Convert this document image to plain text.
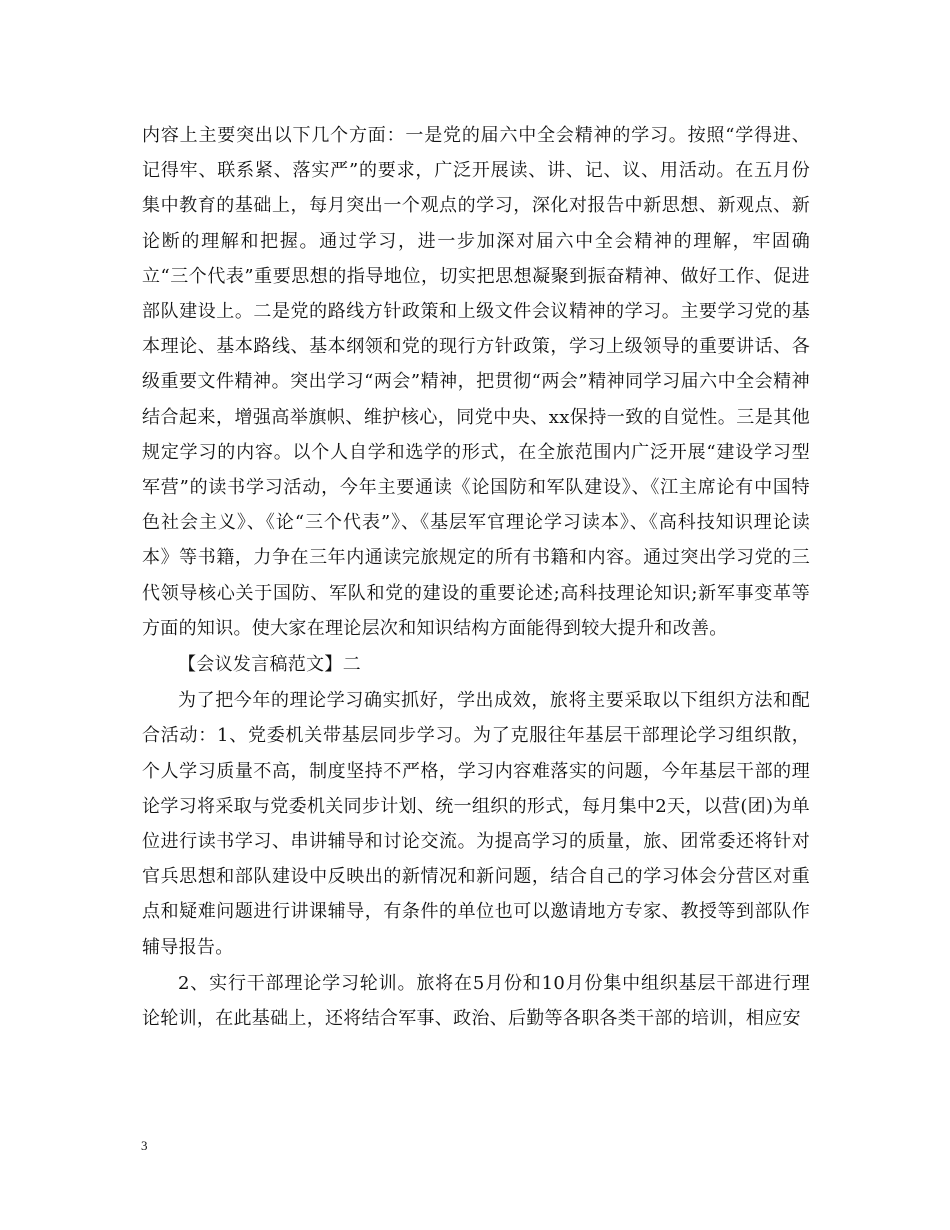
内容上主要突出以下几个方面：一是党的届六中全会精神的学习。按照“学得进、记得牢、联系紧、落实严”的要求，广泛开展读、讲、记、议、用活动。在五月份集中教育的基础上，每月突出一个观点的学习，深化对报告中新思想、新观点、新论断的理解和把握。通过学习，进一步加深对届六中全会精神的理解，牢固确立“三个代表”重要思想的指导地位，切实把思想凝聚到振奋精神、做好工作、促进部队建设上。二是党的路线方针政策和上级文件会议精神的学习。主要学习党的基本理论、基本路线、基本纲领和党的现行方针政策，学习上级领导的重要讲话、各级重要文件精神。突出学习“两会”精神，把贯彻“两会”精神同学习届六中全会精神结合起来，增强高举旗帜、维护核心，同党中央、xx保持一致的自觉性。三是其他规定学习的内容。以个人自学和选学的形式，在全旅范围内广泛开展“建设学习型军营”的读书学习活动，今年主要通读《论国防和军队建设》、《江主席论有中国特色社会主义》、《论“三个代表”》、《基层军官理论学习读本》、《高科技知识理论读本》等书籍，力争在三年内通读完旅规定的所有书籍和内容。通过突出学习党的三代领导核心关于国防、军队和党的建设的重要论述;高科技理论知识;新军事变革等方面的知识。使大家在理论层次和知识结构方面能得到较大提升和改善。

【会议发言稿范文】二

为了把今年的理论学习确实抓好，学出成效，旅将主要采取以下组织方法和配合活动：1、党委机关带基层同步学习。为了克服往年基层干部理论学习组织散，个人学习质量不高，制度坚持不严格，学习内容难落实的问题，今年基层干部的理论学习将采取与党委机关同步计划、统一组织的形式，每月集中2天，以营(团)为单位进行读书学习、串讲辅导和讨论交流。为提高学习的质量，旅、团常委还将针对官兵思想和部队建设中反映出的新情况和新问题，结合自己的学习体会分营区对重点和疑难问题进行讲课辅导，有条件的单位也可以邀请地方专家、教授等到部队作辅导报告。

2、实行干部理论学习轮训。旅将在5月份和10月份集中组织基层干部进行理论轮训，在此基础上，还将结合军事、政治、后勤等各职各类干部的培训，相应安

3
